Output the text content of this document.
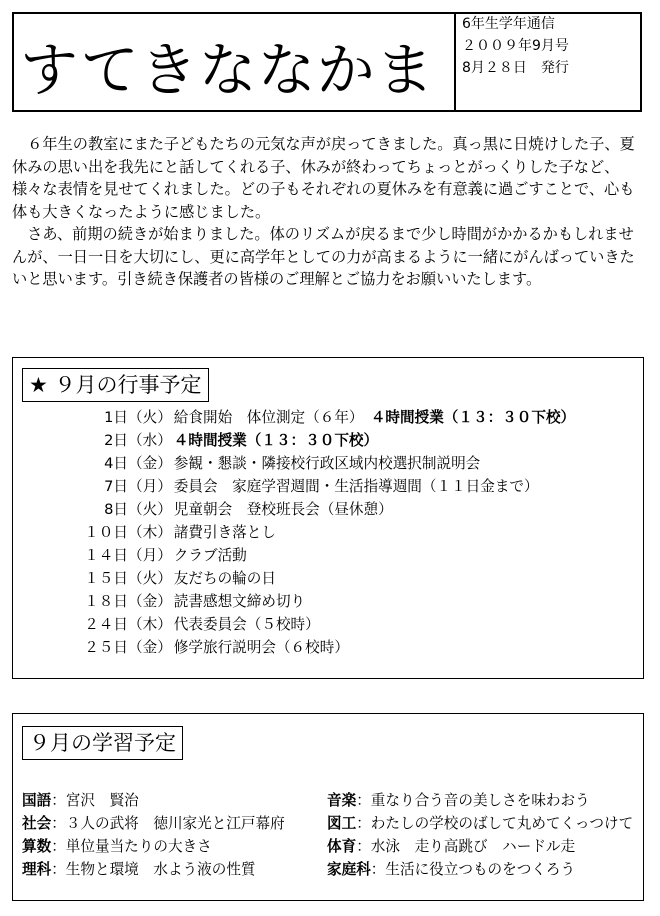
すてきななかま
6年生学年通信
２００９年9月号
8月２８日　発行

６年生の教室にまた子どもたちの元気な声が戻ってきました。真っ黒に日焼けした子、夏休みの思い出を我先にと話してくれる子、休みが終わってちょっとがっくりした子など、様々な表情を見せてくれました。どの子もそれぞれの夏休みを有意義に過ごすことで、心も体も大きくなったように感じました。

さあ、前期の続きが始まりました。体のリズムが戻るまで少し時間がかかるかもしれませんが、一日一日を大切にし、更に高学年としての力が高まるように一緒にがんばっていきたいと思います。引き続き保護者の皆様のご理解とご協力をお願いいたします。

★ ９月の行事予定
1日（火） 給食開始　体位測定（６年）　４時間授業（１３：３０下校）
2日（水） ４時間授業（１３：３０下校）
4日（金） 参観・懇談・隣接校行政区域内校選択制説明会
7日（月） 委員会　家庭学習週間・生活指導週間（１１日金まで）
8日（火） 児童朝会　登校班長会（昼休憩）
１０日（木） 諸費引き落とし
１４日（月） クラブ活動
１５日（火） 友だちの輪の日
１８日（金） 読書感想文締め切り
２４日（木） 代表委員会（５校時）
２５日（金） 修学旅行説明会（６校時）
９月の学習予定
国語：宮沢　賢治
社会：３人の武将　徳川家光と江戸幕府
算数：単位量当たりの大きさ
理科：生物と環境　水よう液の性質
音楽：重なり合う音の美しさを味わおう
図工：わたしの学校のばして丸めてくっつけて
体育：水泳　走り高跳び　ハードル走
家庭科：生活に役立つものをつくろう
